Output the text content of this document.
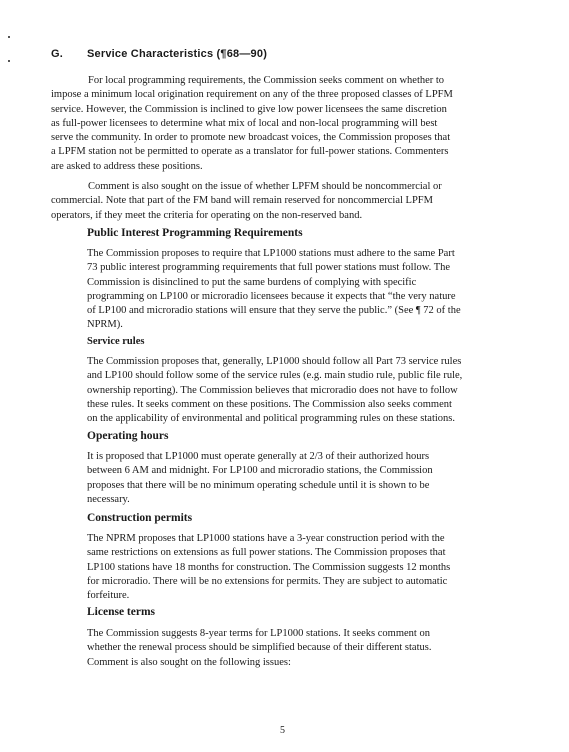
G. Service Characteristics (¶68—90)
For local programming requirements, the Commission seeks comment on whether to
impose a minimum local origination requirement on any of the three proposed classes of LPFM
service. However, the Commission is inclined to give low power licensees the same discretion
as full-power licensees to determine what mix of local and non-local programming will best
serve the community. In order to promote new broadcast voices, the Commission proposes that
a LPFM station not be permitted to operate as a translator for full-power stations. Commenters
are asked to address these positions.
Comment is also sought on the issue of whether LPFM should be noncommercial or
commercial. Note that part of the FM band will remain reserved for noncommercial LPFM
operators, if they meet the criteria for operating on the non-reserved band.
Public Interest Programming Requirements
The Commission proposes to require that LP1000 stations must adhere to the same Part
73 public interest programming requirements that full power stations must follow. The
Commission is disinclined to put the same burdens of complying with specific
programming on LP100 or microradio licensees because it expects that “the very nature
of LP100 and microradio stations will ensure that they serve the public.” (See ¶ 72 of the
NPRM).
Service rules
The Commission proposes that, generally, LP1000 should follow all Part 73 service rules
and LP100 should follow some of the service rules (e.g. main studio rule, public file rule,
ownership reporting). The Commission believes that microradio does not have to follow
these rules. It seeks comment on these positions. The Commission also seeks comment
on the applicability of environmental and political programming rules on these stations.
Operating hours
It is proposed that LP1000 must operate generally at 2/3 of their authorized hours
between 6 AM and midnight. For LP100 and microradio stations, the Commission
proposes that there will be no minimum operating schedule until it is shown to be
necessary.
Construction permits
The NPRM proposes that LP1000 stations have a 3-year construction period with the
same restrictions on extensions as full power stations. The Commission proposes that
LP100 stations have 18 months for construction. The Commission suggests 12 months
for microradio. There will be no extensions for permits. They are subject to automatic
forfeiture.
License terms
The Commission suggests 8-year terms for LP1000 stations. It seeks comment on
whether the renewal process should be simplified because of their different status.
Comment is also sought on the following issues:
5
